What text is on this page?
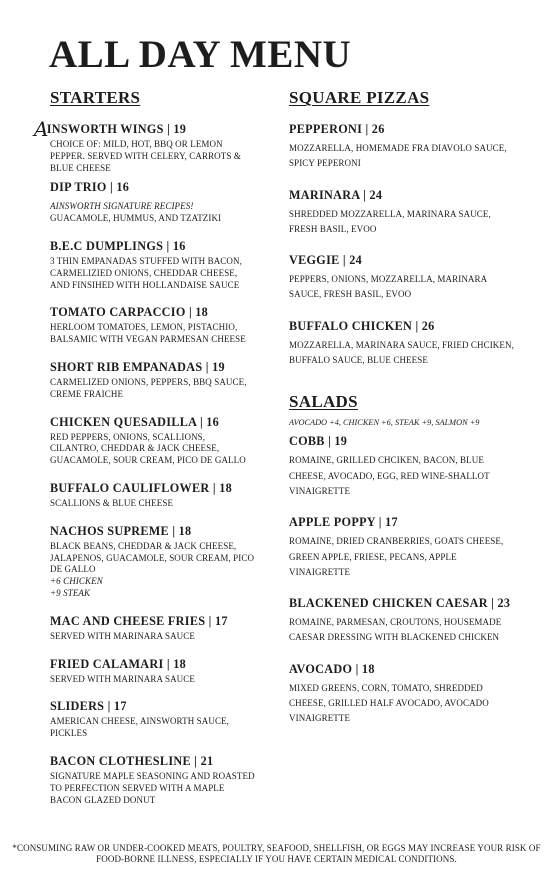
ALL DAY MENU
STARTERS
AINSWORTH WINGS | 19
CHOICE OF: MILD, HOT, BBQ OR LEMON PEPPER. SERVED WITH CELERY, CARROTS & BLUE CHEESE
DIP TRIO | 16
AINSWORTH SIGNATURE RECIPES!
GUACAMOLE, HUMMUS, AND TZATZIKI
B.E.C DUMPLINGS | 16
3 THIN EMPANADAS STUFFED WITH BACON, CARMELIZIED ONIONS, CHEDDAR CHEESE, AND FINSIHED WITH HOLLANDAISE SAUCE
TOMATO CARPACCIO | 18
HERLOOM TOMATOES, LEMON, PISTACHIO, BALSAMIC WITH VEGAN PARMESAN CHEESE
SHORT RIB EMPANADAS | 19
CARMELIZED ONIONS, PEPPERS, BBQ SAUCE, CREME FRAICHE
CHICKEN QUESADILLA | 16
RED PEPPERS, ONIONS, SCALLIONS, CILANTRO, CHEDDAR & JACK CHEESE, GUACAMOLE, SOUR CREAM, PICO DE GALLO
BUFFALO CAULIFLOWER | 18
SCALLIONS & BLUE CHEESE
NACHOS SUPREME | 18
BLACK BEANS, CHEDDAR & JACK CHEESE, JALAPENOS, GUACAMOLE, SOUR CREAM, PICO DE GALLO
+6 CHICKEN
+9 STEAK
MAC AND CHEESE FRIES | 17
SERVED WITH MARINARA SAUCE
FRIED CALAMARI | 18
SERVED WITH MARINARA SAUCE
SLIDERS | 17
AMERICAN CHEESE, AINSWORTH SAUCE, PICKLES
BACON CLOTHESLINE | 21
SIGNATURE MAPLE SEASONING AND ROASTED TO PERFECTION SERVED WITH A MAPLE BACON GLAZED DONUT
SQUARE PIZZAS
PEPPERONI | 26
MOZZARELLA, HOMEMADE FRA DIAVOLO SAUCE, SPICY PEPERONI
MARINARA | 24
SHREDDED MOZZARELLA, MARINARA SAUCE, FRESH BASIL, EVOO
VEGGIE | 24
PEPPERS, ONIONS, MOZZARELLA, MARINARA SAUCE, FRESH BASIL, EVOO
BUFFALO CHICKEN | 26
MOZZARELLA, MARINARA SAUCE, FRIED CHCIKEN, BUFFALO SAUCE, BLUE CHEESE
SALADS
AVOCADO +4, CHICKEN +6, STEAK +9, SALMON +9
COBB | 19
ROMAINE, GRILLED CHCIKEN, BACON, BLUE CHEESE, AVOCADO, EGG, RED WINE-SHALLOT VINAIGRETTE
APPLE POPPY | 17
ROMAINE, DRIED CRANBERRIES, GOATS CHEESE, GREEN APPLE, FRIESE, PECANS, APPLE VINAIGRETTE
BLACKENED CHICKEN CAESAR | 23
ROMAINE, PARMESAN, CROUTONS, HOUSEMADE CAESAR DRESSING WITH BLACKENED CHICKEN
AVOCADO | 18
MIXED GREENS, CORN, TOMATO, SHREDDED CHEESE, GRILLED HALF AVOCADO, AVOCADO VINAIGRETTE
*CONSUMING RAW OR UNDER-COOKED MEATS, POULTRY, SEAFOOD, SHELLFISH, OR EGGS MAY INCREASE YOUR RISK OF FOOD-BORNE ILLNESS, ESPECIALLY IF YOU HAVE CERTAIN MEDICAL CONDITIONS.
